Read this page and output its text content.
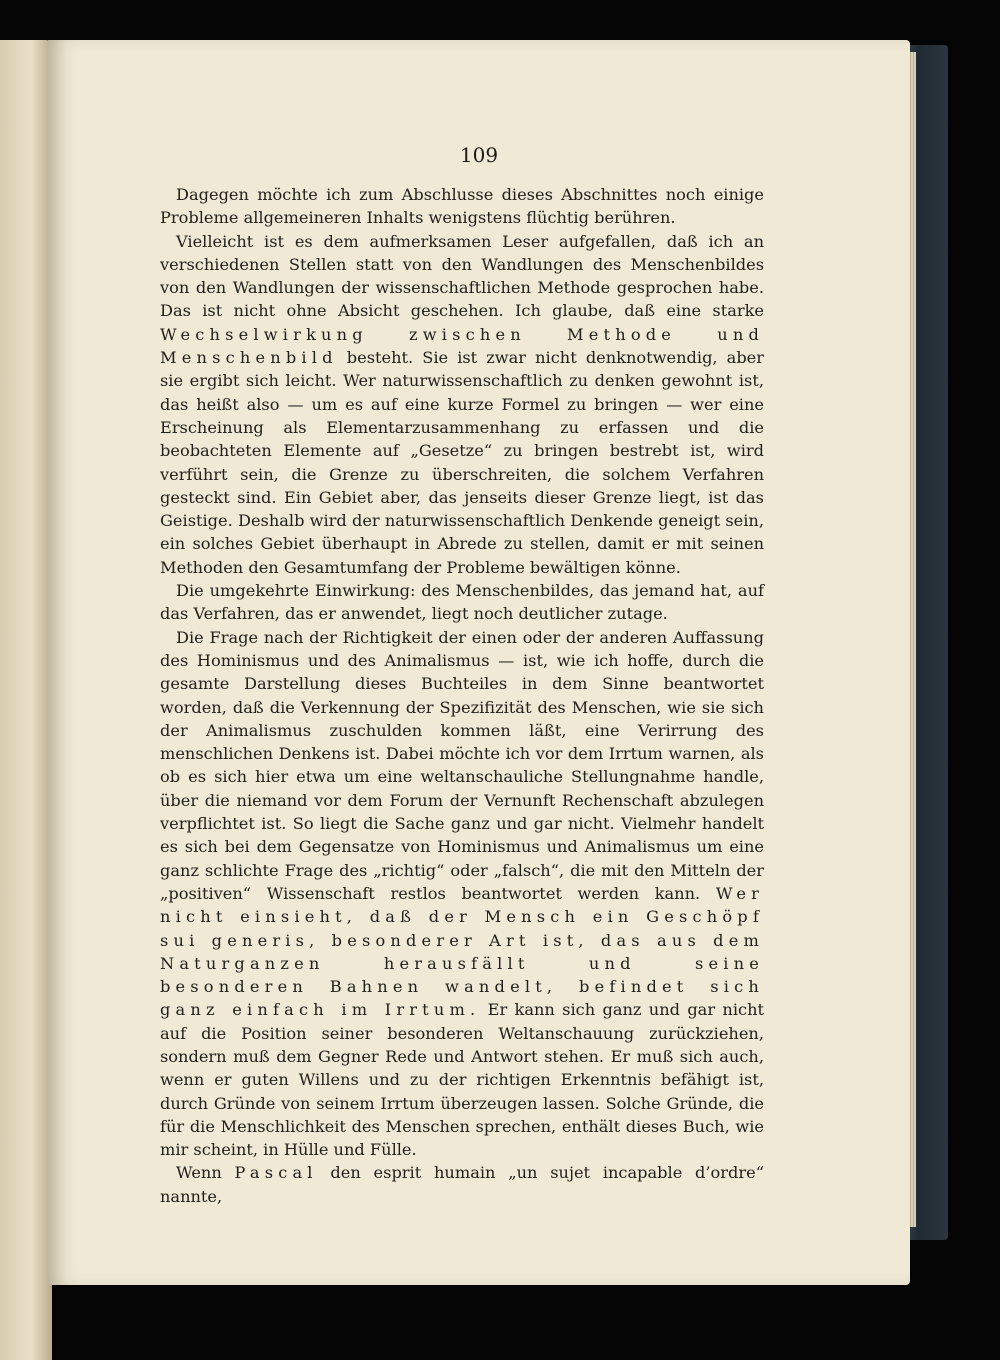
109

Dagegen möchte ich zum Abschlusse dieses Abschnittes noch einige Probleme allgemeineren Inhalts wenigstens flüchtig berühren.

Vielleicht ist es dem aufmerksamen Leser aufgefallen, daß ich an verschiedenen Stellen statt von den Wandlungen des Menschenbildes von den Wandlungen der wissenschaftlichen Methode gesprochen habe. Das ist nicht ohne Absicht geschehen. Ich glaube, daß eine starke Wechselwirkung zwischen Methode und Menschenbild besteht. Sie ist zwar nicht denknotwendig, aber sie ergibt sich leicht. Wer naturwissenschaftlich zu denken gewohnt ist, das heißt also — um es auf eine kurze Formel zu bringen — wer eine Erscheinung als Elementarzusammenhang zu erfassen und die beobachteten Elemente auf „Gesetze“ zu bringen bestrebt ist, wird verführt sein, die Grenze zu überschreiten, die solchem Verfahren gesteckt sind. Ein Gebiet aber, das jenseits dieser Grenze liegt, ist das Geistige. Deshalb wird der naturwissenschaftlich Denkende geneigt sein, ein solches Gebiet überhaupt in Abrede zu stellen, damit er mit seinen Methoden den Gesamtumfang der Probleme bewältigen könne.

Die umgekehrte Einwirkung: des Menschenbildes, das jemand hat, auf das Verfahren, das er anwendet, liegt noch deutlicher zutage.

Die Frage nach der Richtigkeit der einen oder der anderen Auffassung des Hominismus und des Animalismus — ist, wie ich hoffe, durch die gesamte Darstellung dieses Buchteiles in dem Sinne beantwortet worden, daß die Verkennung der Spezifizität des Menschen, wie sie sich der Animalismus zuschulden kommen läßt, eine Verirrung des menschlichen Denkens ist. Dabei möchte ich vor dem Irrtum warnen, als ob es sich hier etwa um eine weltanschauliche Stellungnahme handle, über die niemand vor dem Forum der Vernunft Rechenschaft abzulegen verpflichtet ist. So liegt die Sache ganz und gar nicht. Vielmehr handelt es sich bei dem Gegensatze von Hominismus und Animalismus um eine ganz schlichte Frage des „richtig“ oder „falsch“, die mit den Mitteln der „positiven“ Wissenschaft restlos beantwortet werden kann. Wer nicht einsieht, daß der Mensch ein Geschöpf sui generis, besonderer Art ist, das aus dem Naturganzen herausfällt und seine besonderen Bahnen wandelt, befindet sich ganz einfach im Irrtum. Er kann sich ganz und gar nicht auf die Position seiner besonderen Weltanschauung zurückziehen, sondern muß dem Gegner Rede und Antwort stehen. Er muß sich auch, wenn er guten Willens und zu der richtigen Erkenntnis befähigt ist, durch Gründe von seinem Irrtum überzeugen lassen. Solche Gründe, die für die Menschlichkeit des Menschen sprechen, enthält dieses Buch, wie mir scheint, in Hülle und Fülle.

Wenn Pascal den esprit humain „un sujet incapable d’ordre“ nannte,
